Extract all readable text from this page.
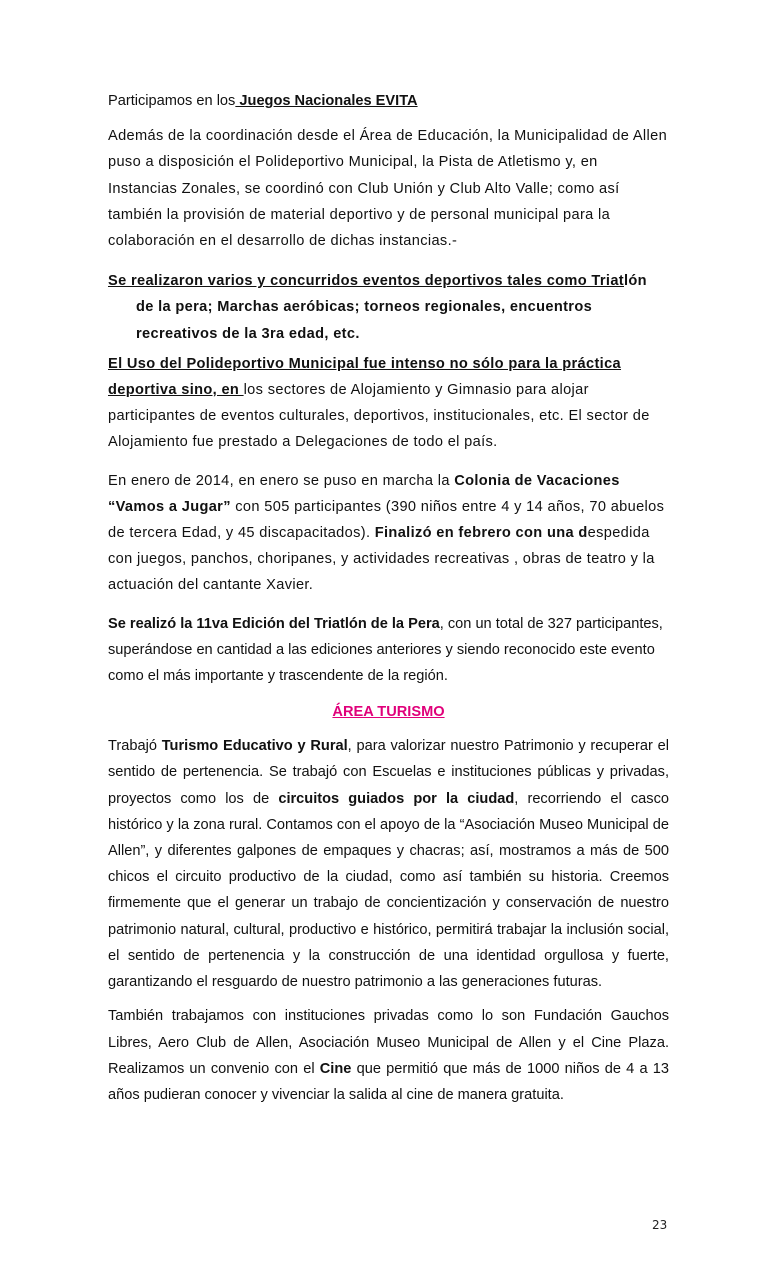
Participamos en los Juegos Nacionales EVITA

Además de la coordinación desde el Área de Educación, la Municipalidad de Allen puso a disposición el Polideportivo Municipal, la Pista de Atletismo y, en Instancias Zonales, se coordinó con Club Unión y Club Alto Valle; como así también la provisión de material deportivo y de personal municipal para la colaboración en el desarrollo de dichas instancias.-

Se realizaron varios y concurridos eventos deportivos tales como Triatlón de la pera; Marchas aeróbicas; torneos regionales, encuentros recreativos de la 3ra edad, etc.

El Uso del Polideportivo Municipal fue intenso no sólo para la práctica deportiva sino, en los sectores de Alojamiento y Gimnasio para alojar participantes de eventos culturales, deportivos, institucionales, etc. El sector de Alojamiento fue prestado a Delegaciones de todo el país.

En enero de 2014, en enero se puso en marcha la Colonia de Vacaciones “Vamos a Jugar” con 505 participantes (390 niños entre 4 y 14 años, 70 abuelos de tercera Edad, y 45 discapacitados). Finalizó en febrero con una despedida con juegos, panchos, choripanes, y actividades recreativas , obras de teatro y la actuación del cantante Xavier.

Se realizó la 11va Edición del Triatlón de la Pera, con un total de 327 participantes, superándose en cantidad a las ediciones anteriores y siendo reconocido este evento como el más importante y trascendente de la región.

ÁREA TURISMO

Trabajó Turismo Educativo y Rural, para valorizar nuestro Patrimonio y recuperar el sentido de pertenencia. Se trabajó con Escuelas e instituciones públicas y privadas, proyectos como los de circuitos guiados por la ciudad, recorriendo el casco histórico y la zona rural. Contamos con el apoyo de la “Asociación Museo Municipal de Allen”, y diferentes galpones de empaques y chacras; así, mostramos a más de 500 chicos el circuito productivo de la ciudad, como así también su historia. Creemos firmemente que el generar un trabajo de concientización y conservación de nuestro patrimonio natural, cultural, productivo e histórico, permitirá trabajar la inclusión social, el sentido de pertenencia y la construcción de una identidad orgullosa y fuerte, garantizando el resguardo de nuestro patrimonio a las generaciones futuras.

También trabajamos con instituciones privadas como lo son Fundación Gauchos Libres, Aero Club de Allen, Asociación Museo Municipal de Allen y el Cine Plaza. Realizamos un convenio con el Cine que permitió que más de 1000 niños de 4 a 13 años pudieran conocer y vivenciar la salida al cine de manera gratuita.

23
